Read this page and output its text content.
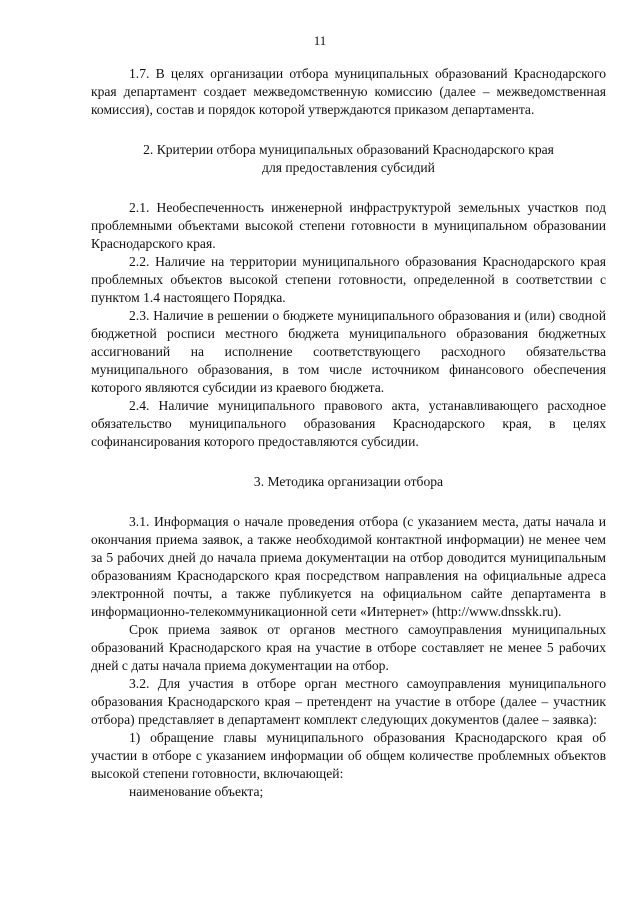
11

1.7. В целях организации отбора муниципальных образований Краснодарского края департамент создает межведомственную комиссию (далее – межведомственная комиссия), состав и порядок которой утверждаются приказом департамента.

2. Критерии отбора муниципальных образований Краснодарского края
для предоставления субсидий

2.1. Необеспеченность инженерной инфраструктурой земельных участков под проблемными объектами высокой степени готовности в муниципальном образовании Краснодарского края.

2.2. Наличие на территории муниципального образования Краснодарского края проблемных объектов высокой степени готовности, определенной в соответствии с пунктом 1.4 настоящего Порядка.

2.3. Наличие в решении о бюджете муниципального образования и (или) сводной бюджетной росписи местного бюджета муниципального образования бюджетных ассигнований на исполнение соответствующего расходного обязательства муниципального образования, в том числе источником финансового обеспечения которого являются субсидии из краевого бюджета.

2.4. Наличие муниципального правового акта, устанавливающего расходное обязательство муниципального образования Краснодарского края, в целях софинансирования которого предоставляются субсидии.

3. Методика организации отбора

3.1. Информация о начале проведения отбора (с указанием места, даты начала и окончания приема заявок, а также необходимой контактной информации) не менее чем за 5 рабочих дней до начала приема документации на отбор доводится муниципальным образованиям Краснодарского края посредством направления на официальные адреса электронной почты, а также публикуется на официальном сайте департамента в информационно-телекоммуникационной сети «Интернет» (http://www.dnsskk.ru).

Срок приема заявок от органов местного самоуправления муниципальных образований Краснодарского края на участие в отборе составляет не менее 5 рабочих дней с даты начала приема документации на отбор.

3.2. Для участия в отборе орган местного самоуправления муниципального образования Краснодарского края – претендент на участие в отборе (далее – участник отбора) представляет в департамент комплект следующих документов (далее – заявка):

1) обращение главы муниципального образования Краснодарского края об участии в отборе с указанием информации об общем количестве проблемных объектов высокой степени готовности, включающей:

наименование объекта;
